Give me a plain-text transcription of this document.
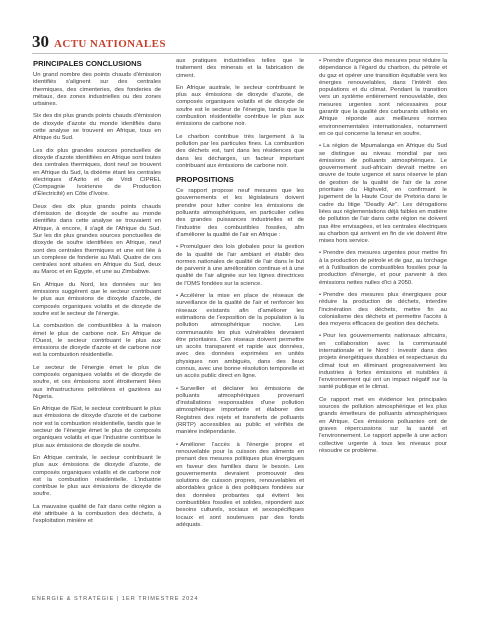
30 ACTU NATIONALES
PRINCIPALES CONCLUSIONS

Un grand nombre des points chauds d'émission identifiés s'alignent sur des centrales thermiques, des cimenteries, des fonderies de métaux, des zones industrielles ou des zones urbaines.

Six des dix plus grands points chauds d'émission de dioxyde d'azote du monde identifiés dans cette analyse se trouvent en Afrique, tous en Afrique du Sud.

Les dix plus grandes sources ponctuelles de dioxyde d'azote identifiées en Afrique sont toutes des centrales thermiques, dont neuf se trouvent en Afrique du Sud, la dixième étant les centrales électriques d'Azito et de Vridi CIPREL (Compagnie Ivoirienne de Production d'Électricité) en Côte d'Ivoire.

Deux des dix plus grands points chauds d'émission de dioxyde de soufre au monde identifiés dans cette analyse se trouvaient en Afrique, à encore, il s'agit de l'Afrique du Sud. Sur les dix plus grandes sources ponctuelles de dioxyde de soufre identifiées en Afrique, neuf sont des centrales thermiques et une est liée à un complexe de fonderie au Mali. Quatre de ces centrales sont situées en Afrique du Sud, deux au Maroc et en Égypte, et une au Zimbabwe.

En Afrique du Nord, les données sur les émissions suggèrent que le secteur contribuant le plus aux émissions de dioxyde d'azote, de composés organiques volatils et de dioxyde de soufre est le secteur de l'énergie.

La combustion de combustibles à la maison émet le plus de carbone noir. En Afrique de l'Ouest, le secteur contribuant le plus aux émissions de dioxyde d'azote et de carbone noir est la combustion résidentielle.

Le secteur de l'énergie émet le plus de composés organiques volatils et de dioxyde de soufre, et ces émissions sont étroitement liées aux infrastructures pétrolières et gazières au Nigeria.

En Afrique de l'Est, le secteur contribuant le plus aux émissions de dioxyde d'azote et de carbone noir est la combustion résidentielle, tandis que le secteur de l'énergie émet le plus de composés organiques volatils et que l'industrie contribue le plus aux émissions de dioxyde de soufre.

En Afrique centrale, le secteur contribuant le plus aux émissions de dioxyde d'azote, de composés organiques volatils et de carbone noir est la combustion résidentielle. L'industrie contribue le plus aux émissions de dioxyde de soufre.

La mauvaise qualité de l'air dans cette région a été attribuée à la combustion des déchets, à l'exploitation minière et

aux pratiques industrielles telles que le traitement des minerais et la fabrication de ciment.

En Afrique australe, le secteur contribuant le plus aux émissions de dioxyde d'azote, de composés organiques volatils et de dioxyde de soufre est le secteur de l'énergie, tandis que la combustion résidentielle contribue le plus aux émissions de carbone noir.

Le charbon contribue très largement à la pollution par les particules fines. La combustion des déchets est, tant dans les résidences que dans les décharges, un facteur important contribuant aux émissions de carbone noir.

PROPOSITIONS

Ce rapport propose neuf mesures que les gouvernements et les législateurs doivent prendre pour lutter contre les émissions de polluants atmosphériques, en particulier celles des grandes puissances industrielles et de l'industrie des combustibles fossiles, afin d'améliorer la qualité de l'air en Afrique :

• Promulguer des lois globales pour la gestion de la qualité de l'air ambiant et établir des normes nationales de qualité de l'air dans le but de parvenir à une amélioration continue et à une qualité de l'air alignée sur les lignes directrices de l'OMS fondées sur la science.

• Accélérer la mise en place de réseaux de surveillance de la qualité de l'air et renforcer les réseaux existants afin d'améliorer les estimations de l'exposition de la population à la pollution atmosphérique nocive. Les communautés les plus vulnérables devraient être prioritaires. Ces réseaux doivent permettre un accès transparent et rapide aux données, avec des données exprimées en unités physiques non ambiguës, dans des lieux connus, avec une bonne résolution temporelle et un accès public direct en ligne.

• Surveiller et déclarer les émissions de polluants atmosphériques provenant d'installations responsables d'une pollution atmosphérique importante et élaborer des Registres des rejets et transferts de polluants (RRTP) accessibles au public et vérifiés de manière indépendante.

• Améliorer l'accès à l'énergie propre et renouvelable pour la cuisson des aliments en prenant des mesures politiques plus énergiques en faveur des familles dans le besoin. Les gouvernements devraient promouvoir des solutions de cuisson propres, renouvelables et abordables grâce à des politiques fondées sur des données probantes qui évitent les combustibles fossiles et solides, répondent aux besoins culturels, sociaux et sexospécifiques locaux et sont soutenues par des fonds adéquats.

• Prendre d'urgence des mesures pour réduire la dépendance à l'égard du charbon, du pétrole et du gaz et opérer une transition équitable vers les énergies renouvelables, dans l'intérêt des populations et du climat. Pendant la transition vers un système entièrement renouvelable, des mesures urgentes sont nécessaires pour garantir que la qualité des carburants utilisés en Afrique réponde aux meilleures normes environnementales internationales, notamment en ce qui concerne la teneur en soufre.

• La région de Mpumalanga en Afrique du Sud se distingue au niveau mondial par ses émissions de polluants atmosphériques. Le gouvernement sud-africain devrait mettre en œuvre de toute urgence et sans réserve le plan de gestion de la qualité de l'air de la zone prioritaire du Highveld, en confirmant le jugement de la Haute Cour de Pretoria dans le cadre du litige "Deadly Air". Les dérogations liées aux réglementations déjà faibles en matière de pollution de l'air dans cette région ne doivent pas être envisagées, et les centrales électriques au charbon qui arrivent en fin de vie doivent être mises hors service.

• Prendre des mesures urgentes pour mettre fin à la production de pétrole et de gaz, au torchage et à l'utilisation de combustibles fossiles pour la production d'énergie, et pour parvenir à des émissions nettes nulles d'ici à 2050.

• Prendre des mesures plus énergiques pour réduire la production de déchets, interdire l'incinération des déchets, mettre fin au colonialisme des déchets et permettre l'accès à des moyens efficaces de gestion des déchets.

• Pour les gouvernements nationaux africains, en collaboration avec la communauté internationale et le Nord : investir dans des projets énergétiques durables et respectueux du climat tout en éliminant progressivement les industries à fortes émissions et nuisibles à l'environnement qui ont un impact négatif sur la santé publique et le climat.

Ce rapport met en évidence les principales sources de pollution atmosphérique et les plus grands émetteurs de polluants atmosphériques en Afrique. Ces émissions polluantes ont de graves répercussions sur la santé et l'environnement. Le rapport appelle à une action collective urgente à tous les niveaux pour résoudre ce problème.

ENERGIE & STRATÉGIE | 1ER TRIMESTRE 2024
